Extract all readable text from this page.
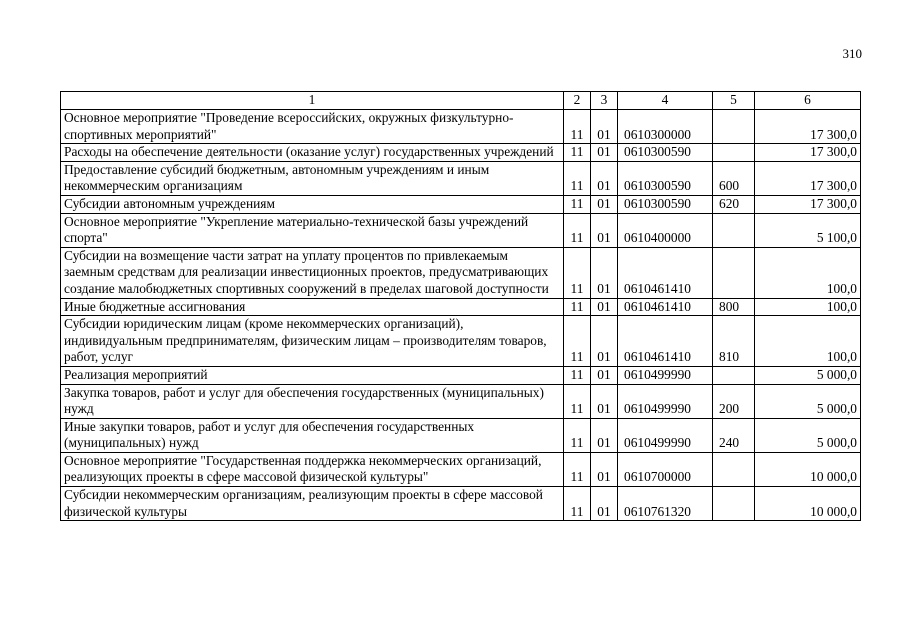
310
1	2	3	4	5	6
Основное мероприятие "Проведение всероссийских, окружных физкультурно-спортивных мероприятий"	11	01	0610300000		17 300,0
Расходы на обеспечение деятельности (оказание услуг) государственных учреждений	11	01	0610300590		17 300,0
Предоставление субсидий бюджетным, автономным учреждениям и иным некоммерческим организациям	11	01	0610300590	600	17 300,0
Субсидии автономным учреждениям	11	01	0610300590	620	17 300,0
Основное мероприятие "Укрепление материально-технической базы учреждений спорта"	11	01	0610400000		5 100,0
Субсидии на возмещение части затрат на уплату процентов по привлекаемым заемным средствам для реализации инвестиционных проектов, предусматривающих создание малобюджетных спортивных сооружений в пределах шаговой доступности	11	01	0610461410		100,0
Иные бюджетные ассигнования	11	01	0610461410	800	100,0
Субсидии юридическим лицам (кроме некоммерческих организаций), индивидуальным предпринимателям, физическим лицам – производителям товаров, работ, услуг	11	01	0610461410	810	100,0
Реализация мероприятий	11	01	0610499990		5 000,0
Закупка товаров, работ и услуг для обеспечения государственных (муниципальных) нужд	11	01	0610499990	200	5 000,0
Иные закупки товаров, работ и услуг для обеспечения государственных (муниципальных) нужд	11	01	0610499990	240	5 000,0
Основное мероприятие "Государственная поддержка некоммерческих организаций, реализующих проекты в сфере массовой физической культуры"	11	01	0610700000		10 000,0
Субсидии некоммерческим организациям, реализующим проекты в сфере массовой физической культуры	11	01	0610761320		10 000,0
